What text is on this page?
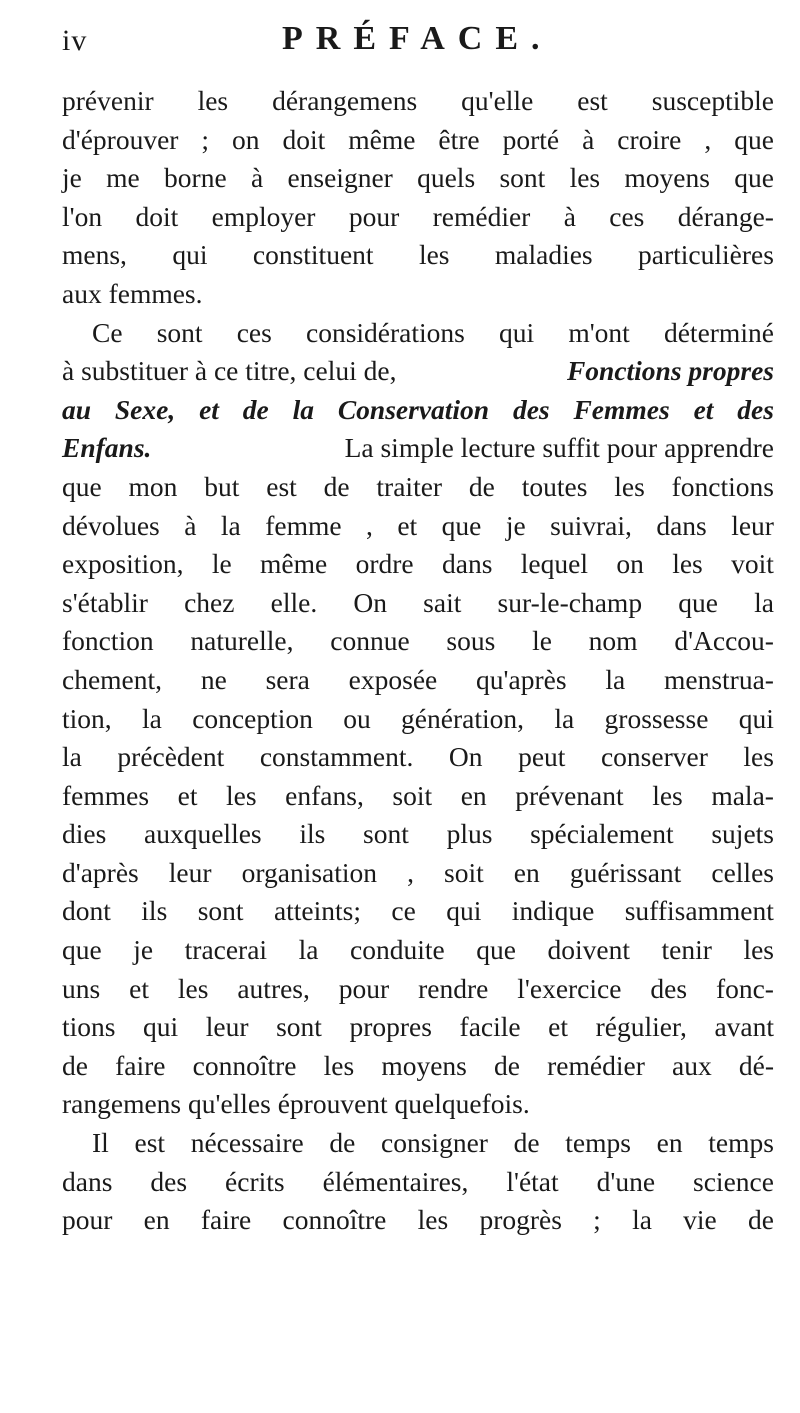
iv	PRÉFACE.
prévenir les dérangemens qu'elle est susceptible
d'éprouver ; on doit même être porté à croire , que
je me borne à enseigner quels sont les moyens que
l'on doit employer pour remédier à ces dérange-
mens, qui constituent les maladies particulières
aux femmes.
Ce sont ces considérations qui m'ont déterminé
à substituer à ce titre, celui de,	Fonctions propres
au Sexe, et de la Conservation des Femmes et des
Enfans.	La simple lecture suffit pour apprendre
que mon but est de traiter de toutes les fonctions
dévolues à la femme , et que je suivrai, dans leur
exposition, le même ordre dans lequel on les voit
s'établir chez elle. On sait sur-le-champ que la
fonction naturelle, connue sous le nom d'Accou-
chement, ne sera exposée qu'après la menstrua-
tion, la conception ou génération, la grossesse qui
la précèdent constamment. On peut conserver les
femmes et les enfans, soit en prévenant les mala-
dies auxquelles ils sont plus spécialement sujets
d'après leur organisation , soit en guérissant celles
dont ils sont atteints; ce qui indique suffisamment
que je tracerai la conduite que doivent tenir les
uns et les autres, pour rendre l'exercice des fonc-
tions qui leur sont propres facile et régulier, avant
de faire connoître les moyens de remédier aux dé-
rangemens qu'elles éprouvent quelquefois.
Il est nécessaire de consigner de temps en temps
dans des écrits élémentaires, l'état d'une science
pour en faire connoître les progrès ; la vie de
